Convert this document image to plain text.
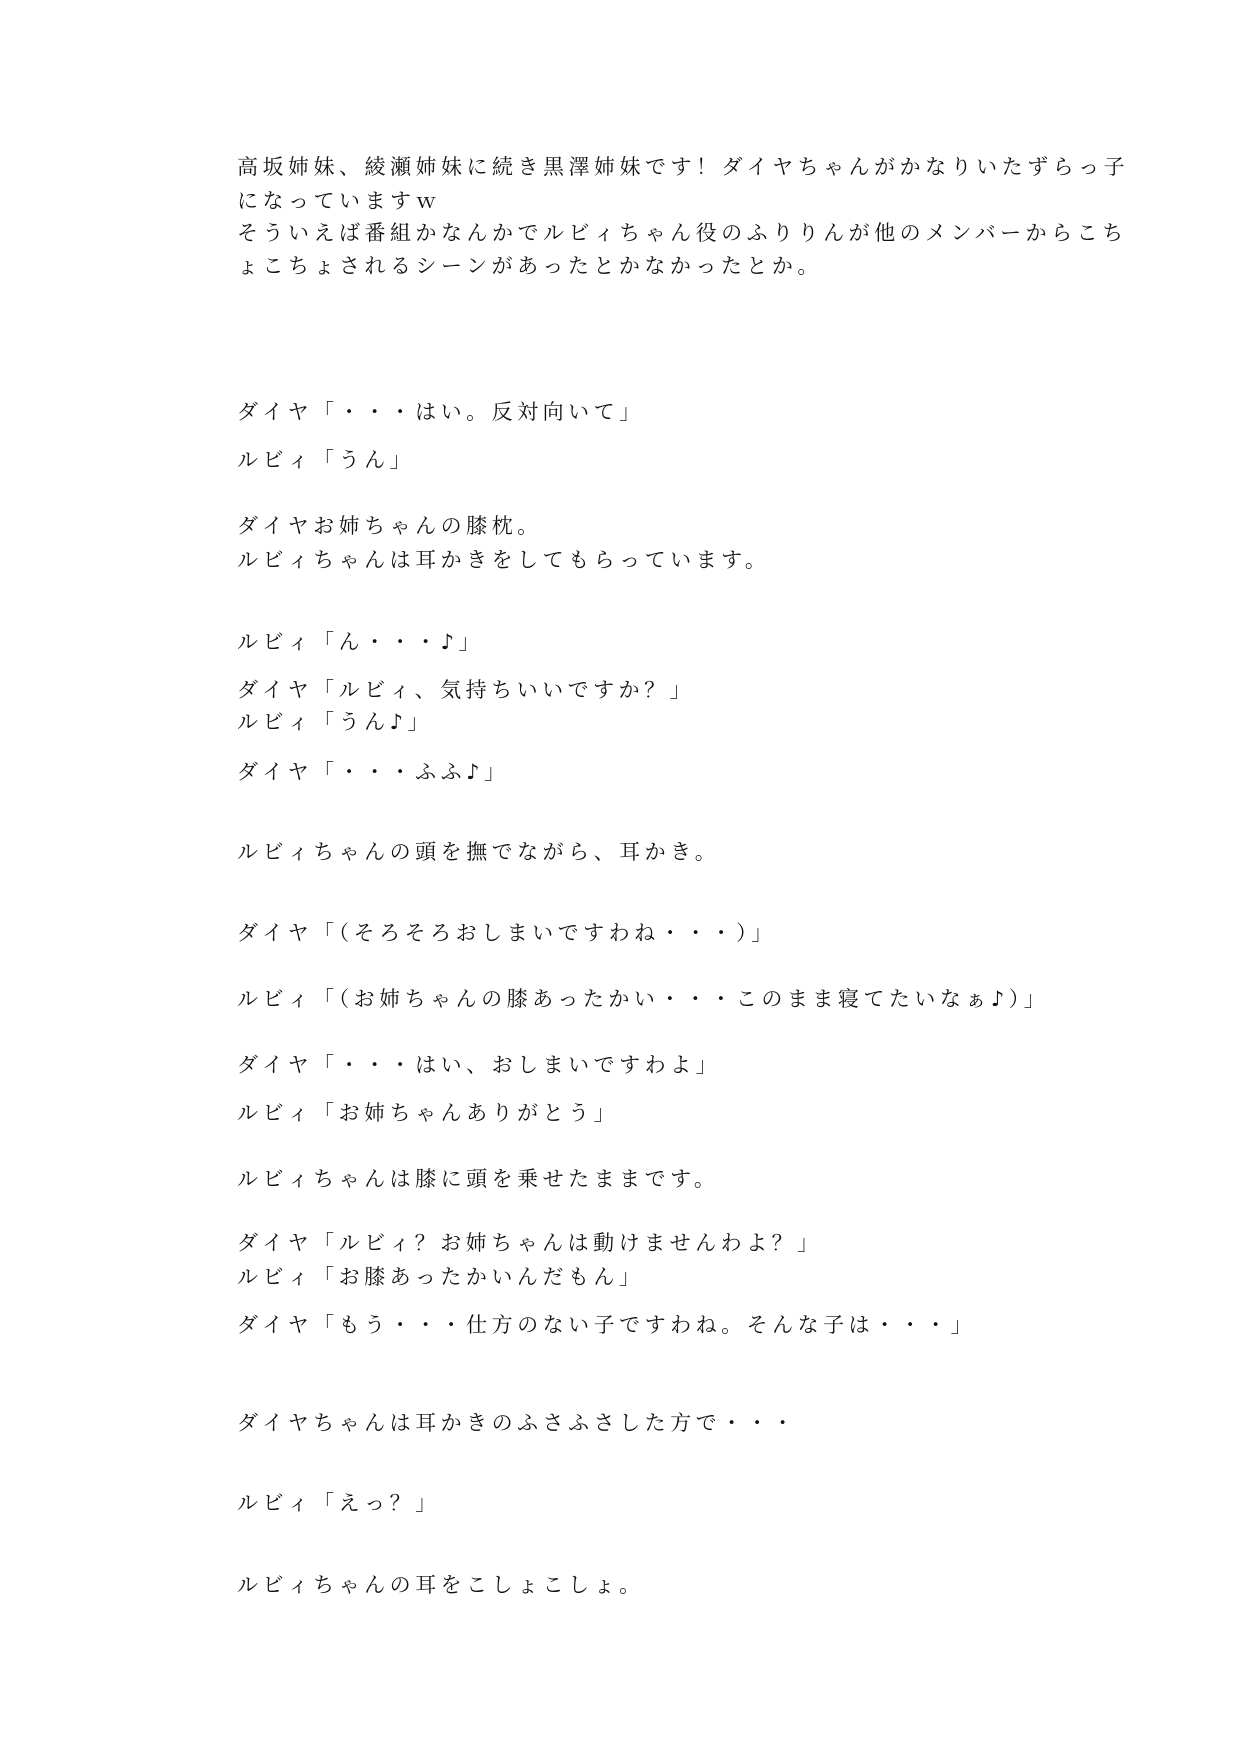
高坂姉妹、綾瀬姉妹に続き黒澤姉妹です！ダイヤちゃんがかなりいたずらっ子

になっていますｗ

そういえば番組かなんかでルビィちゃん役のふりりんが他のメンバーからこち

ょこちょされるシーンがあったとかなかったとか。

ダイヤ「・・・はい。反対向いて」

ルビィ「うん」

ダイヤお姉ちゃんの膝枕。

ルビィちゃんは耳かきをしてもらっています。

ルビィ「ん・・・♪」

ダイヤ「ルビィ、気持ちいいですか？」

ルビィ「うん♪」

ダイヤ「・・・ふふ♪」

ルビィちゃんの頭を撫でながら、耳かき。

ダイヤ「（そろそろおしまいですわね・・・）」

ルビィ「（お姉ちゃんの膝あったかい・・・このまま寝てたいなぁ♪）」

ダイヤ「・・・はい、おしまいですわよ」

ルビィ「お姉ちゃんありがとう」

ルビィちゃんは膝に頭を乗せたままです。

ダイヤ「ルビィ？お姉ちゃんは動けませんわよ？」

ルビィ「お膝あったかいんだもん」

ダイヤ「もう・・・仕方のない子ですわね。そんな子は・・・」

ダイヤちゃんは耳かきのふさふさした方で・・・

ルビィ「えっ？」

ルビィちゃんの耳をこしょこしょ。
